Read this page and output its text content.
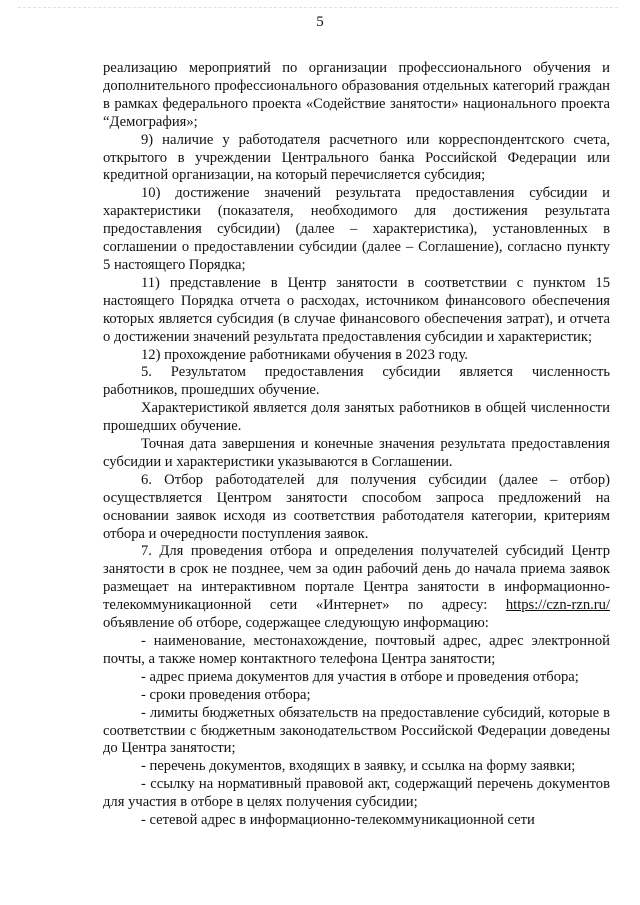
5

реализацию мероприятий по организации профессионального обучения и дополнительного профессионального образования отдельных категорий граждан в рамках федерального проекта «Содействие занятости» национального проекта “Демография»;

9) наличие у работодателя расчетного или корреспондентского счета, открытого в учреждении Центрального банка Российской Федерации или кредитной организации, на который перечисляется субсидия;

10) достижение значений результата предоставления субсидии и характеристики (показателя, необходимого для достижения результата предоставления субсидии) (далее – характеристика), установленных в соглашении о предоставлении субсидии (далее – Соглашение), согласно пункту 5 настоящего Порядка;

11) представление в Центр занятости в соответствии с пунктом 15 настоящего Порядка отчета о расходах, источником финансового обеспечения которых является субсидия (в случае финансового обеспечения затрат), и отчета о достижении значений результата предоставления субсидии и характеристик;

12) прохождение работниками обучения в 2023 году.

5. Результатом предоставления субсидии является численность работников, прошедших обучение.

Характеристикой является доля занятых работников в общей численности прошедших обучение.

Точная дата завершения и конечные значения результата предоставления субсидии и характеристики указываются в Соглашении.

6. Отбор работодателей для получения субсидии (далее – отбор) осуществляется Центром занятости способом запроса предложений на основании заявок исходя из соответствия работодателя категории, критериям отбора и очередности поступления заявок.

7. Для проведения отбора и определения получателей субсидий Центр занятости в срок не позднее, чем за один рабочий день до начала приема заявок размещает на интерактивном портале Центра занятости в информационно-телекоммуникационной сети «Интернет» по адресу: https://czn-rzn.ru/ объявление об отборе, содержащее следующую информацию:

- наименование, местонахождение, почтовый адрес, адрес электронной почты, а также номер контактного телефона Центра занятости;

- адрес приема документов для участия в отборе и проведения отбора;

- сроки проведения отбора;

- лимиты бюджетных обязательств на предоставление субсидий, которые в соответствии с бюджетным законодательством Российской Федерации доведены до Центра занятости;

- перечень документов, входящих в заявку, и ссылка на форму заявки;

- ссылку на нормативный правовой акт, содержащий перечень документов для участия в отборе в целях получения субсидии;

- сетевой адрес в информационно-телекоммуникационной сети
